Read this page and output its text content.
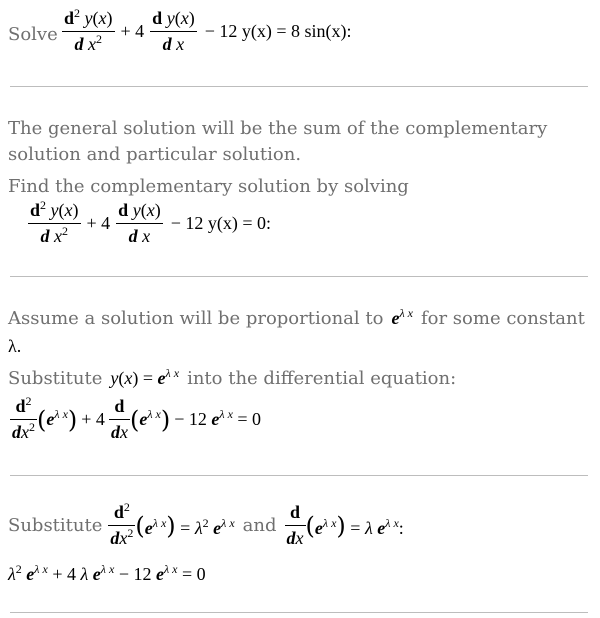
Solve $\frac{d^2 y(x)}{d x^2} + 4 \frac{\text{d y(x)}}{\text{d x}} - 12$ y(x) = 8 sin(x):
The general solution will be the sum of the complementary
solution and particular solution.
Find the complementary solution by solving
$\frac{d^2 y(x)}{d x^2} + 4 \frac{\text{d y(x)}}{\text{d x}} - 12$ y(x) = 0:
Assume a solution will be proportional to $e^{\lambda x}$ for some constant
λ.
Substitute $y(x) = e^{\lambda x}$ into the differential equation:
$\frac{d^2}{dx^2}$ ( $e^{\lambda x}$ ) + $4 \frac{d}{dx}$ ( $e^{\lambda x}$ ) − 12 $e^{\lambda x} = 0$
Substitute $\frac{d^2}{dx^2} (e^{\lambda x}) = \lambda^2$ $e^{\lambda x}$ and $\frac{d}{dx} (e^{\lambda x}) = \lambda$ $e^{\lambda x}$:
$\lambda^2$ $e^{\lambda x} + 4$ λ $e^{\lambda x} - 12$ $e^{\lambda x} = 0$
